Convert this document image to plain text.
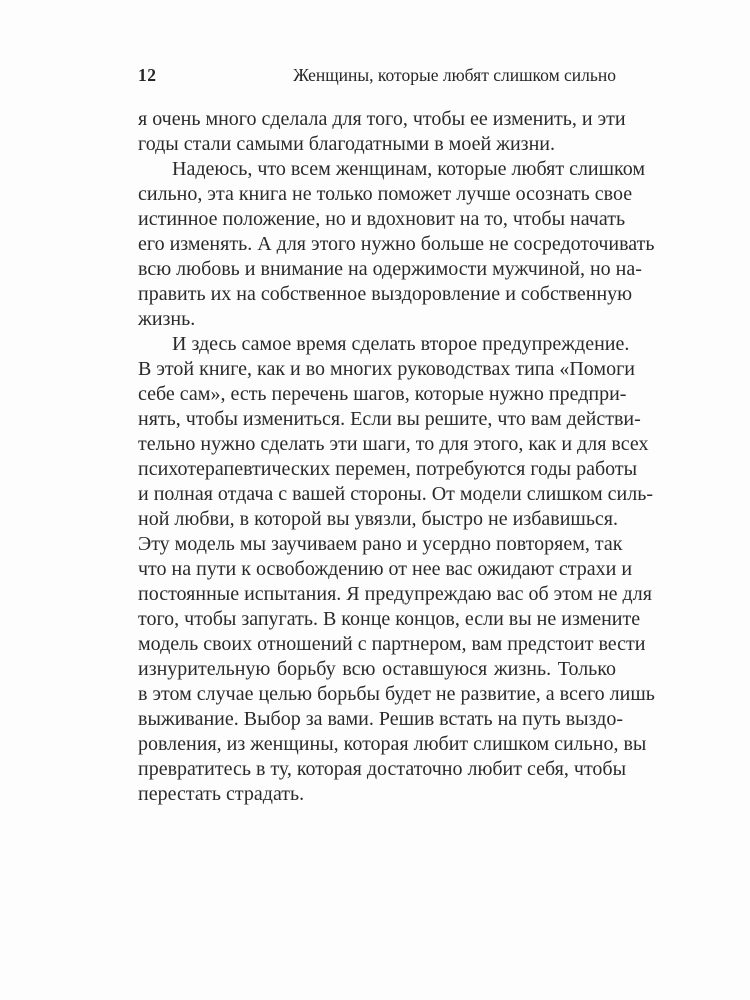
12	Женщины, которые любят слишком сильно
я очень много сделала для того, чтобы ее изменить, и эти
годы стали самыми благодатными в моей жизни.
Надеюсь, что всем женщинам, которые любят слишком
сильно, эта книга не только поможет лучше осознать свое
истинное положение, но и вдохновит на то, чтобы начать
его изменять. А для этого нужно больше не сосредоточивать
всю любовь и внимание на одержимости мужчиной, но на-
править их на собственное выздоровление и собственную
жизнь.
И здесь самое время сделать второе предупреждение.
В этой книге, как и во многих руководствах типа «Помоги
себе сам», есть перечень шагов, которые нужно предпри-
нять, чтобы измениться. Если вы решите, что вам действи-
тельно нужно сделать эти шаги, то для этого, как и для всех
психотерапевтических перемен, потребуются годы работы
и полная отдача с вашей стороны. От модели слишком силь-
ной любви, в которой вы увязли, быстро не избавишься.
Эту модель мы заучиваем рано и усердно повторяем, так
что на пути к освобождению от нее вас ожидают страхи и
постоянные испытания. Я предупреждаю вас об этом не для
того, чтобы запугать. В конце концов, если вы не измените
модель своих отношений с партнером, вам предстоит вести
изнурительную борьбу всю оставшуюся жизнь. Только
в этом случае целью борьбы будет не развитие, а всего лишь
выживание. Выбор за вами. Решив встать на путь выздо-
ровления, из женщины, которая любит слишком сильно, вы
превратитесь в ту, которая достаточно любит себя, чтобы
перестать страдать.
